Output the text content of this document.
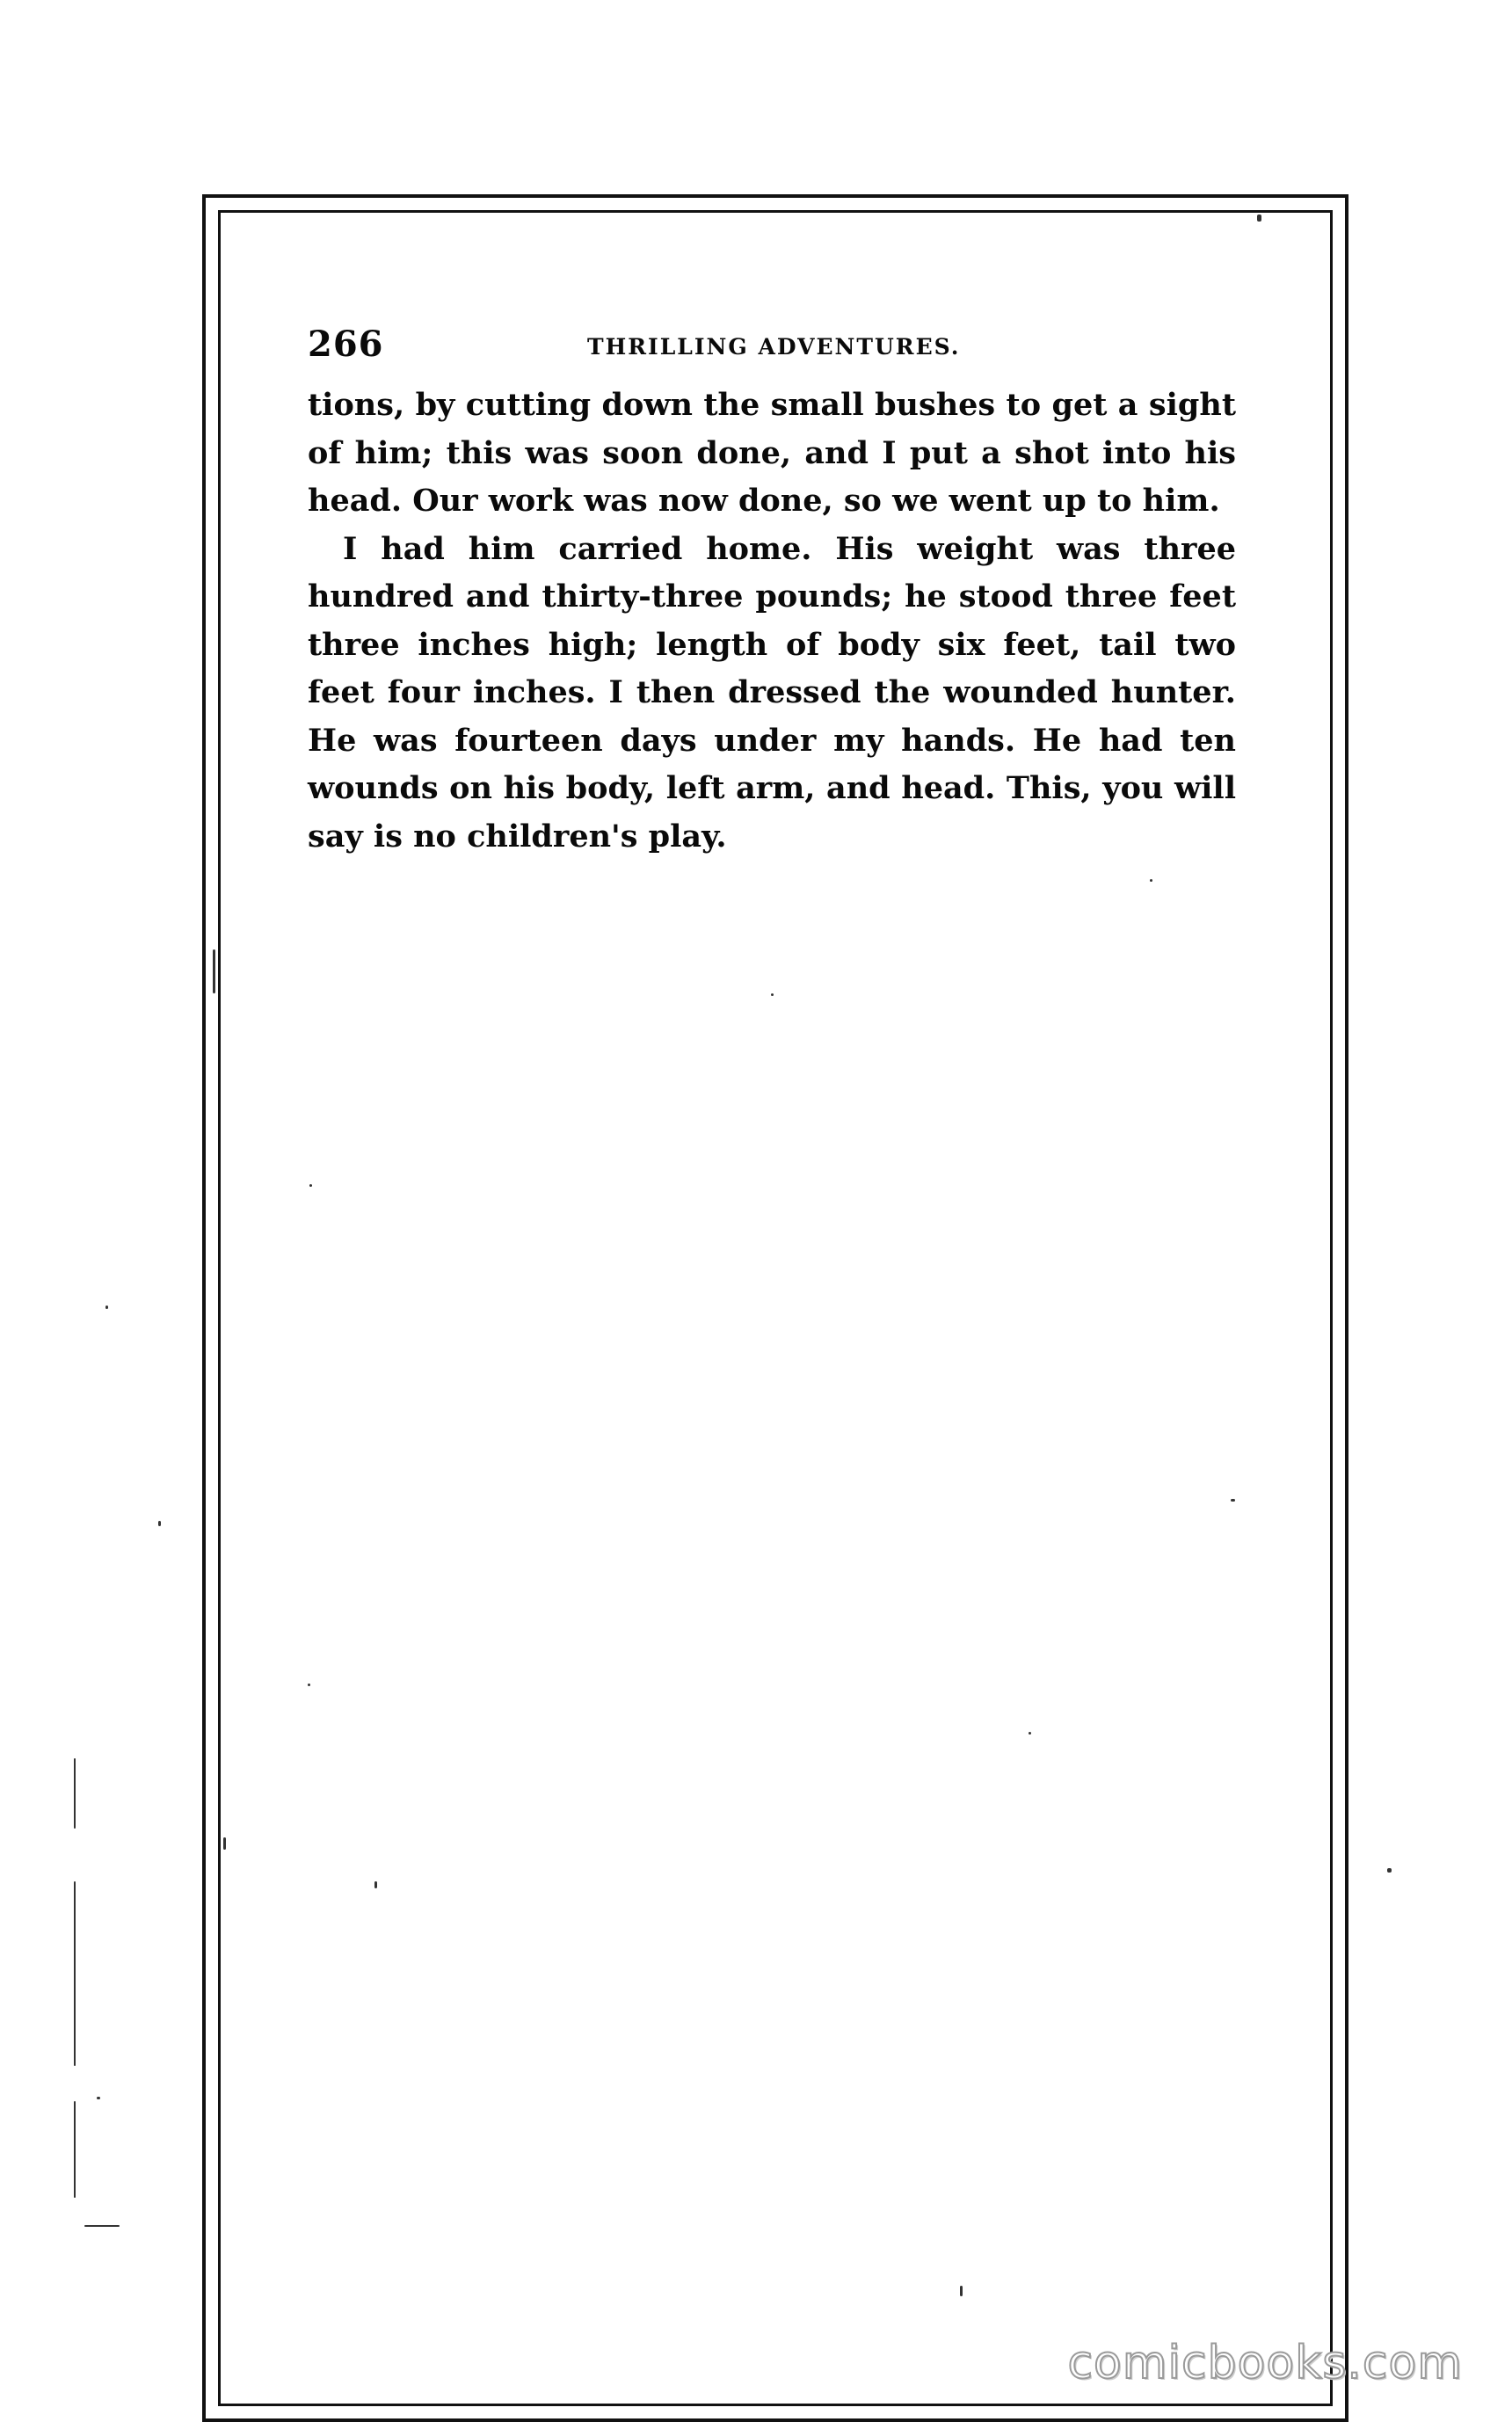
266	THRILLING ADVENTURES.

tions, by cutting down the small bushes to get a sight of him; this was soon done, and I put a shot into his head. Our work was now done, so we went up to him.

I had him carried home. His weight was three hundred and thirty-three pounds; he stood three feet three inches high; length of body six feet, tail two feet four inches. I then dressed the wounded hunter. He was fourteen days under my hands. He had ten wounds on his body, left arm, and head. This, you will say is no children's play.

comicbooks.com
